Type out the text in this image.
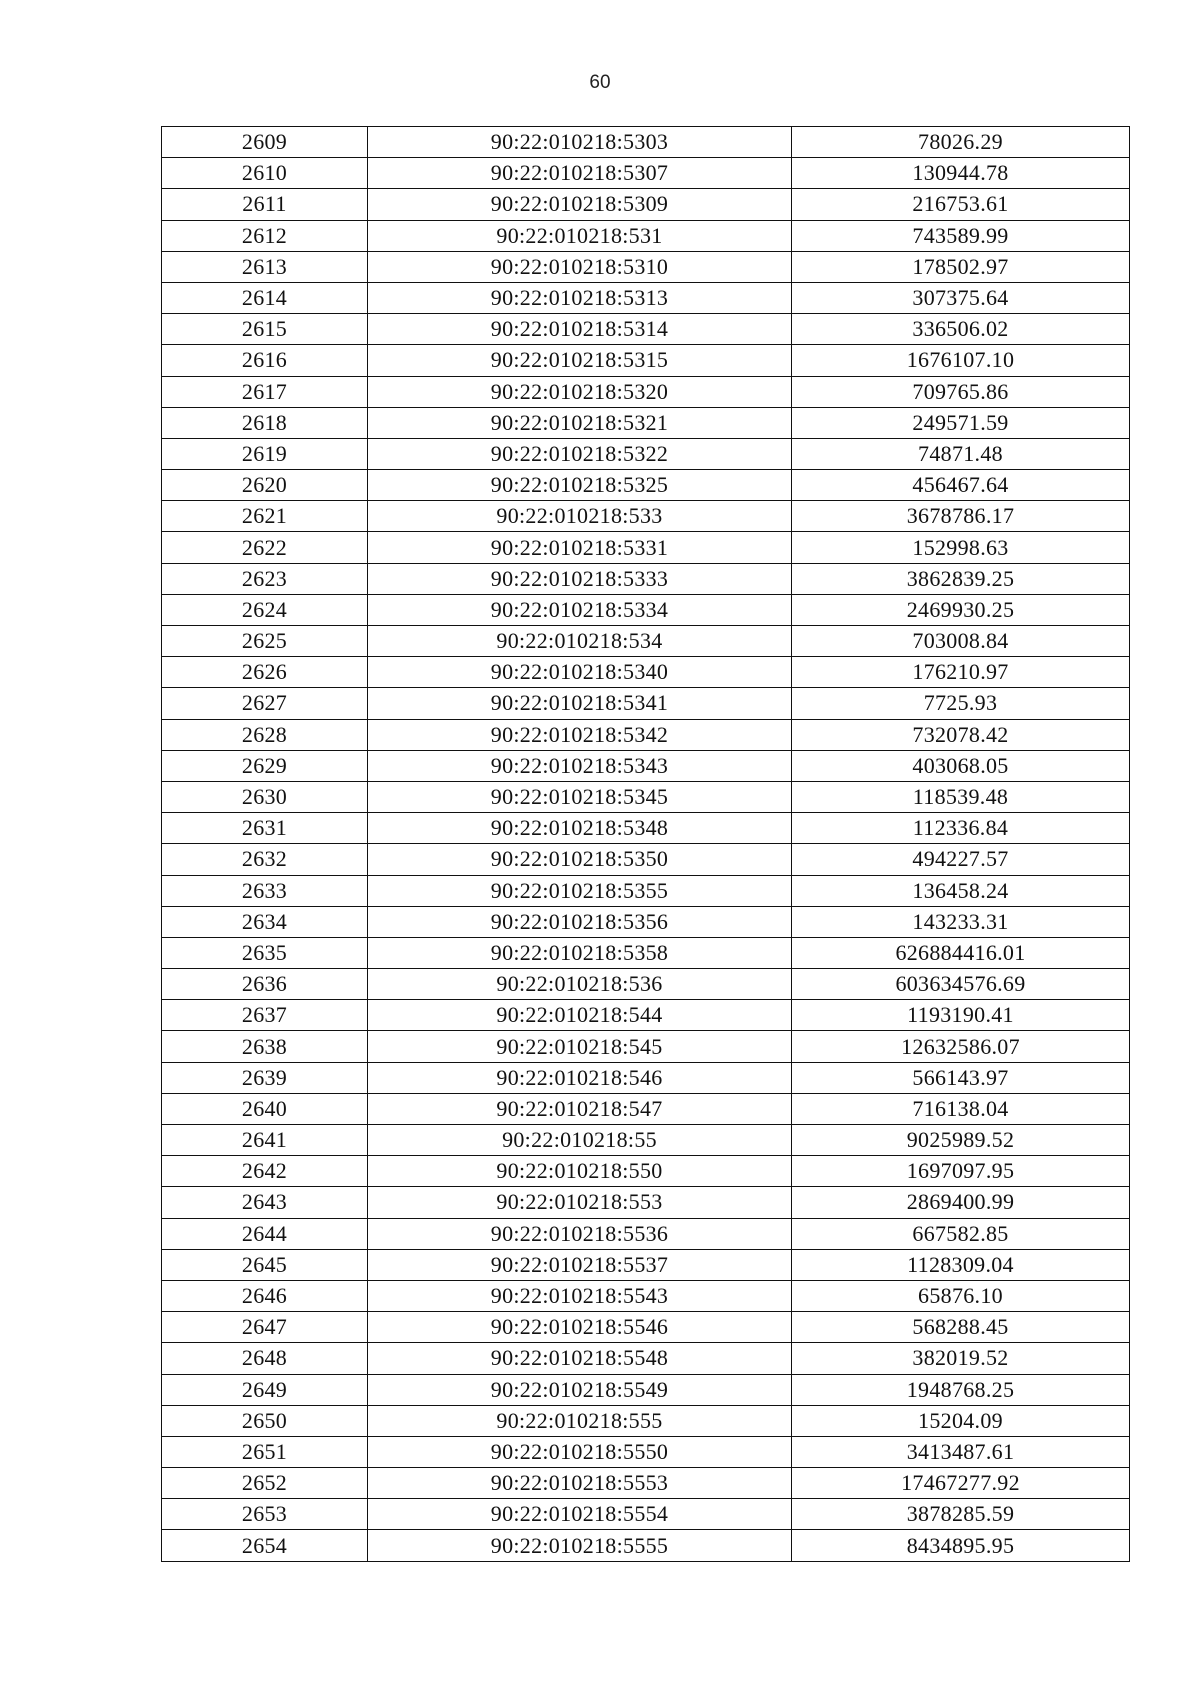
60
2609	90:22:010218:5303	78026.29
2610	90:22:010218:5307	130944.78
2611	90:22:010218:5309	216753.61
2612	90:22:010218:531	743589.99
2613	90:22:010218:5310	178502.97
2614	90:22:010218:5313	307375.64
2615	90:22:010218:5314	336506.02
2616	90:22:010218:5315	1676107.10
2617	90:22:010218:5320	709765.86
2618	90:22:010218:5321	249571.59
2619	90:22:010218:5322	74871.48
2620	90:22:010218:5325	456467.64
2621	90:22:010218:533	3678786.17
2622	90:22:010218:5331	152998.63
2623	90:22:010218:5333	3862839.25
2624	90:22:010218:5334	2469930.25
2625	90:22:010218:534	703008.84
2626	90:22:010218:5340	176210.97
2627	90:22:010218:5341	7725.93
2628	90:22:010218:5342	732078.42
2629	90:22:010218:5343	403068.05
2630	90:22:010218:5345	118539.48
2631	90:22:010218:5348	112336.84
2632	90:22:010218:5350	494227.57
2633	90:22:010218:5355	136458.24
2634	90:22:010218:5356	143233.31
2635	90:22:010218:5358	626884416.01
2636	90:22:010218:536	603634576.69
2637	90:22:010218:544	1193190.41
2638	90:22:010218:545	12632586.07
2639	90:22:010218:546	566143.97
2640	90:22:010218:547	716138.04
2641	90:22:010218:55	9025989.52
2642	90:22:010218:550	1697097.95
2643	90:22:010218:553	2869400.99
2644	90:22:010218:5536	667582.85
2645	90:22:010218:5537	1128309.04
2646	90:22:010218:5543	65876.10
2647	90:22:010218:5546	568288.45
2648	90:22:010218:5548	382019.52
2649	90:22:010218:5549	1948768.25
2650	90:22:010218:555	15204.09
2651	90:22:010218:5550	3413487.61
2652	90:22:010218:5553	17467277.92
2653	90:22:010218:5554	3878285.59
2654	90:22:010218:5555	8434895.95
